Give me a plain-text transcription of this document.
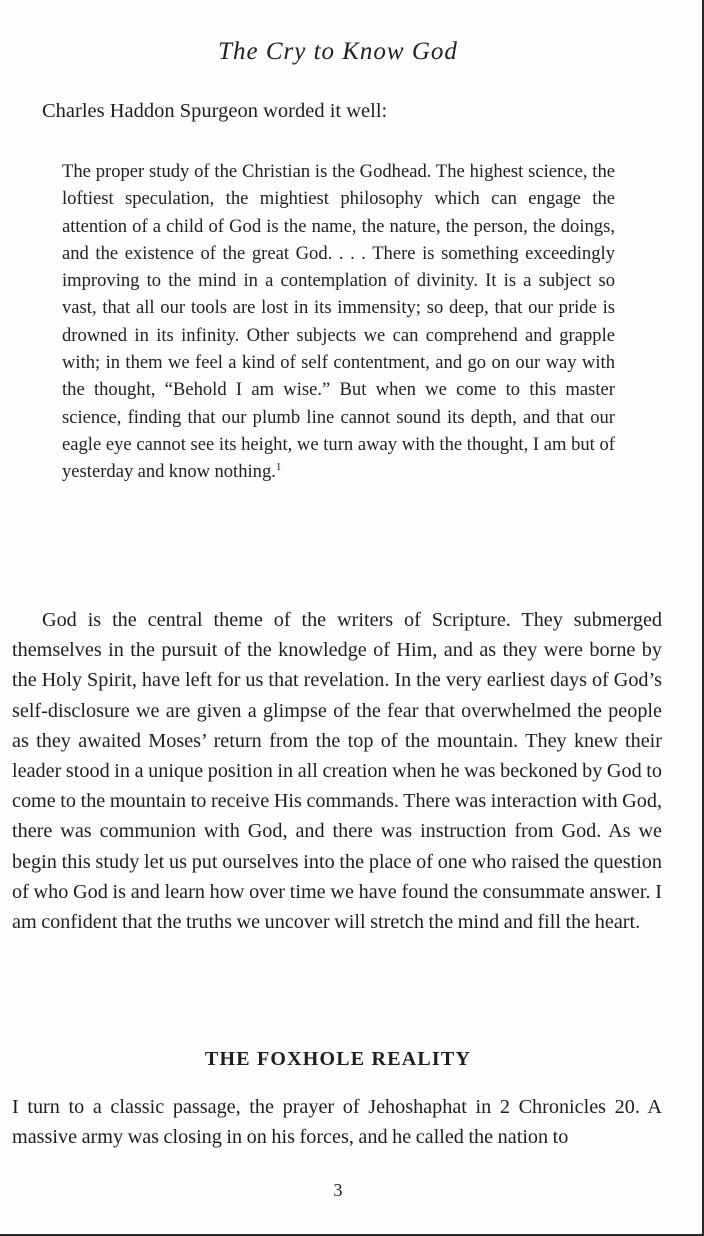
The Cry to Know God
Charles Haddon Spurgeon worded it well:
The proper study of the Christian is the Godhead. The highest science, the loftiest speculation, the mightiest philosophy which can engage the attention of a child of God is the name, the nature, the person, the doings, and the existence of the great God. . . . There is something exceedingly improving to the mind in a contemplation of divinity. It is a subject so vast, that all our tools are lost in its immensity; so deep, that our pride is drowned in its infinity. Other subjects we can comprehend and grapple with; in them we feel a kind of self contentment, and go on our way with the thought, “Behold I am wise.” But when we come to this master science, finding that our plumb line cannot sound its depth, and that our eagle eye cannot see its height, we turn away with the thought, I am but of yesterday and know nothing.$^1$

God is the central theme of the writers of Scripture. They submerged themselves in the pursuit of the knowledge of Him, and as they were borne by the Holy Spirit, have left for us that revelation. In the very earliest days of God’s self-disclosure we are given a glimpse of the fear that overwhelmed the people as they awaited Moses’ return from the top of the mountain. They knew their leader stood in a unique position in all creation when he was beckoned by God to come to the mountain to receive His commands. There was interaction with God, there was communion with God, and there was instruction from God. As we begin this study let us put ourselves into the place of one who raised the question of who God is and learn how over time we have found the consummate answer. I am confident that the truths we uncover will stretch the mind and fill the heart.

THE FOXHOLE REALITY

I turn to a classic passage, the prayer of Jehoshaphat in 2 Chronicles 20. A massive army was closing in on his forces, and he called the nation to

3
